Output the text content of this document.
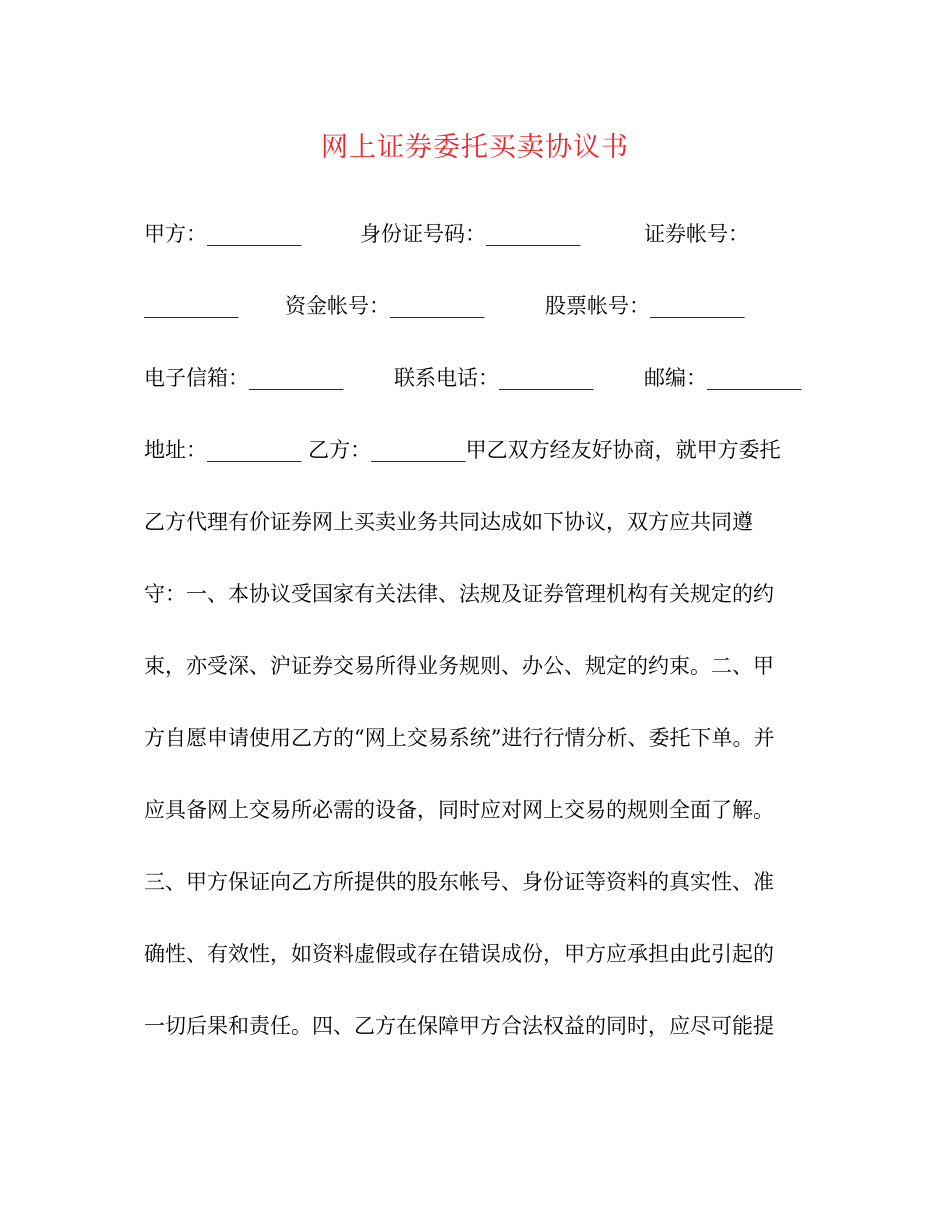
网上证券委托买卖协议书
甲方：_________	身份证号码：_________	证券帐号：
_________ 资金帐号：_________	股票帐号：_________
电子信箱：_________ 联系电话：_________ 邮编：_________
地址：_________ 乙方：_________甲乙双方经友好协商，就甲方委托
乙方代理有价证券网上买卖业务共同达成如下协议，双方应共同遵
守：一、本协议受国家有关法律、法规及证券管理机构有关规定的约
束，亦受深、沪证券交易所得业务规则、办公、规定的约束。二、甲
方自愿申请使用乙方的“网上交易系统”进行行情分析、委托下单。并
应具备网上交易所必需的设备，同时应对网上交易的规则全面了解。
三、甲方保证向乙方所提供的股东帐号、身份证等资料的真实性、准
确性、有效性，如资料虚假或存在错误成份，甲方应承担由此引起的
一切后果和责任。四、乙方在保障甲方合法权益的同时，应尽可能提
